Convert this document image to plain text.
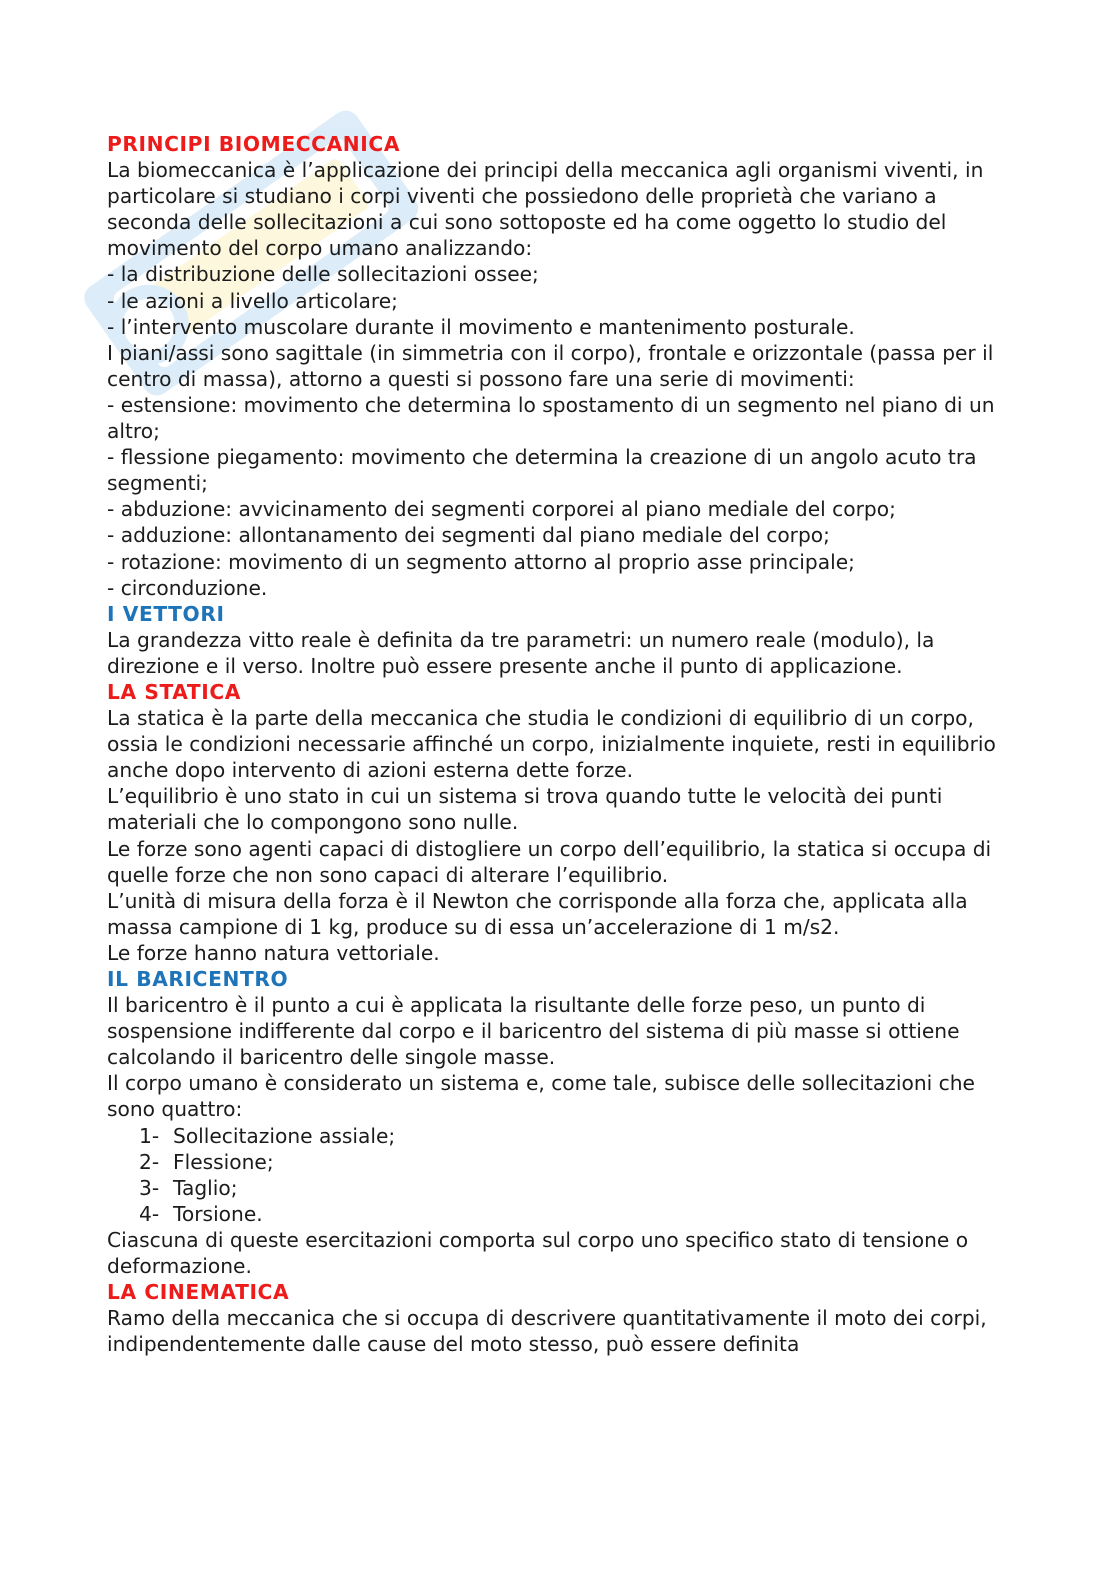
PRINCIPI BIOMECCANICA

La biomeccanica è l’applicazione dei principi della meccanica agli organismi viventi, in particolare si studiano i corpi viventi che possiedono delle proprietà che variano a seconda delle sollecitazioni a cui sono sottoposte ed ha come oggetto lo studio del movimento del corpo umano analizzando:

- la distribuzione delle sollecitazioni ossee;

- le azioni a livello articolare;

- l’intervento muscolare durante il movimento e mantenimento posturale.

I piani/assi sono sagittale (in simmetria con il corpo), frontale e orizzontale (passa per il centro di massa), attorno a questi si possono fare una serie di movimenti:

- estensione: movimento che determina lo spostamento di un segmento nel piano di un altro;

- flessione piegamento: movimento che determina la creazione di un angolo acuto tra segmenti;

- abduzione: avvicinamento dei segmenti corporei al piano mediale del corpo;

- adduzione: allontanamento dei segmenti dal piano mediale del corpo;

- rotazione: movimento di un segmento attorno al proprio asse principale;

- circonduzione.

I VETTORI

La grandezza vitto reale è definita da tre parametri: un numero reale (modulo), la direzione e il verso. Inoltre può essere presente anche il punto di applicazione.

LA STATICA

La statica è la parte della meccanica che studia le condizioni di equilibrio di un corpo, ossia le condizioni necessarie affinché un corpo, inizialmente inquiete, resti in equilibrio anche dopo intervento di azioni esterna dette forze.

L’equilibrio è uno stato in cui un sistema si trova quando tutte le velocità dei punti materiali che lo compongono sono nulle.

Le forze sono agenti capaci di distogliere un corpo dell’equilibrio, la statica si occupa di quelle forze che non sono capaci di alterare l’equilibrio.

L’unità di misura della forza è il Newton che corrisponde alla forza che, applicata alla massa campione di 1 kg, produce su di essa un’accelerazione di 1 m/s2.

Le forze hanno natura vettoriale.

IL BARICENTRO

Il baricentro è il punto a cui è applicata la risultante delle forze peso, un punto di sospensione indifferente dal corpo e il baricentro del sistema di più masse si ottiene calcolando il baricentro delle singole masse.

Il corpo umano è considerato un sistema e, come tale, subisce delle sollecitazioni che sono quattro:

1- Sollecitazione assiale;
2- Flessione;
3- Taglio;
4- Torsione.

Ciascuna di queste esercitazioni comporta sul corpo uno specifico stato di tensione o deformazione.

LA CINEMATICA

Ramo della meccanica che si occupa di descrivere quantitativamente il moto dei corpi, indipendentemente dalle cause del moto stesso, può essere definita
